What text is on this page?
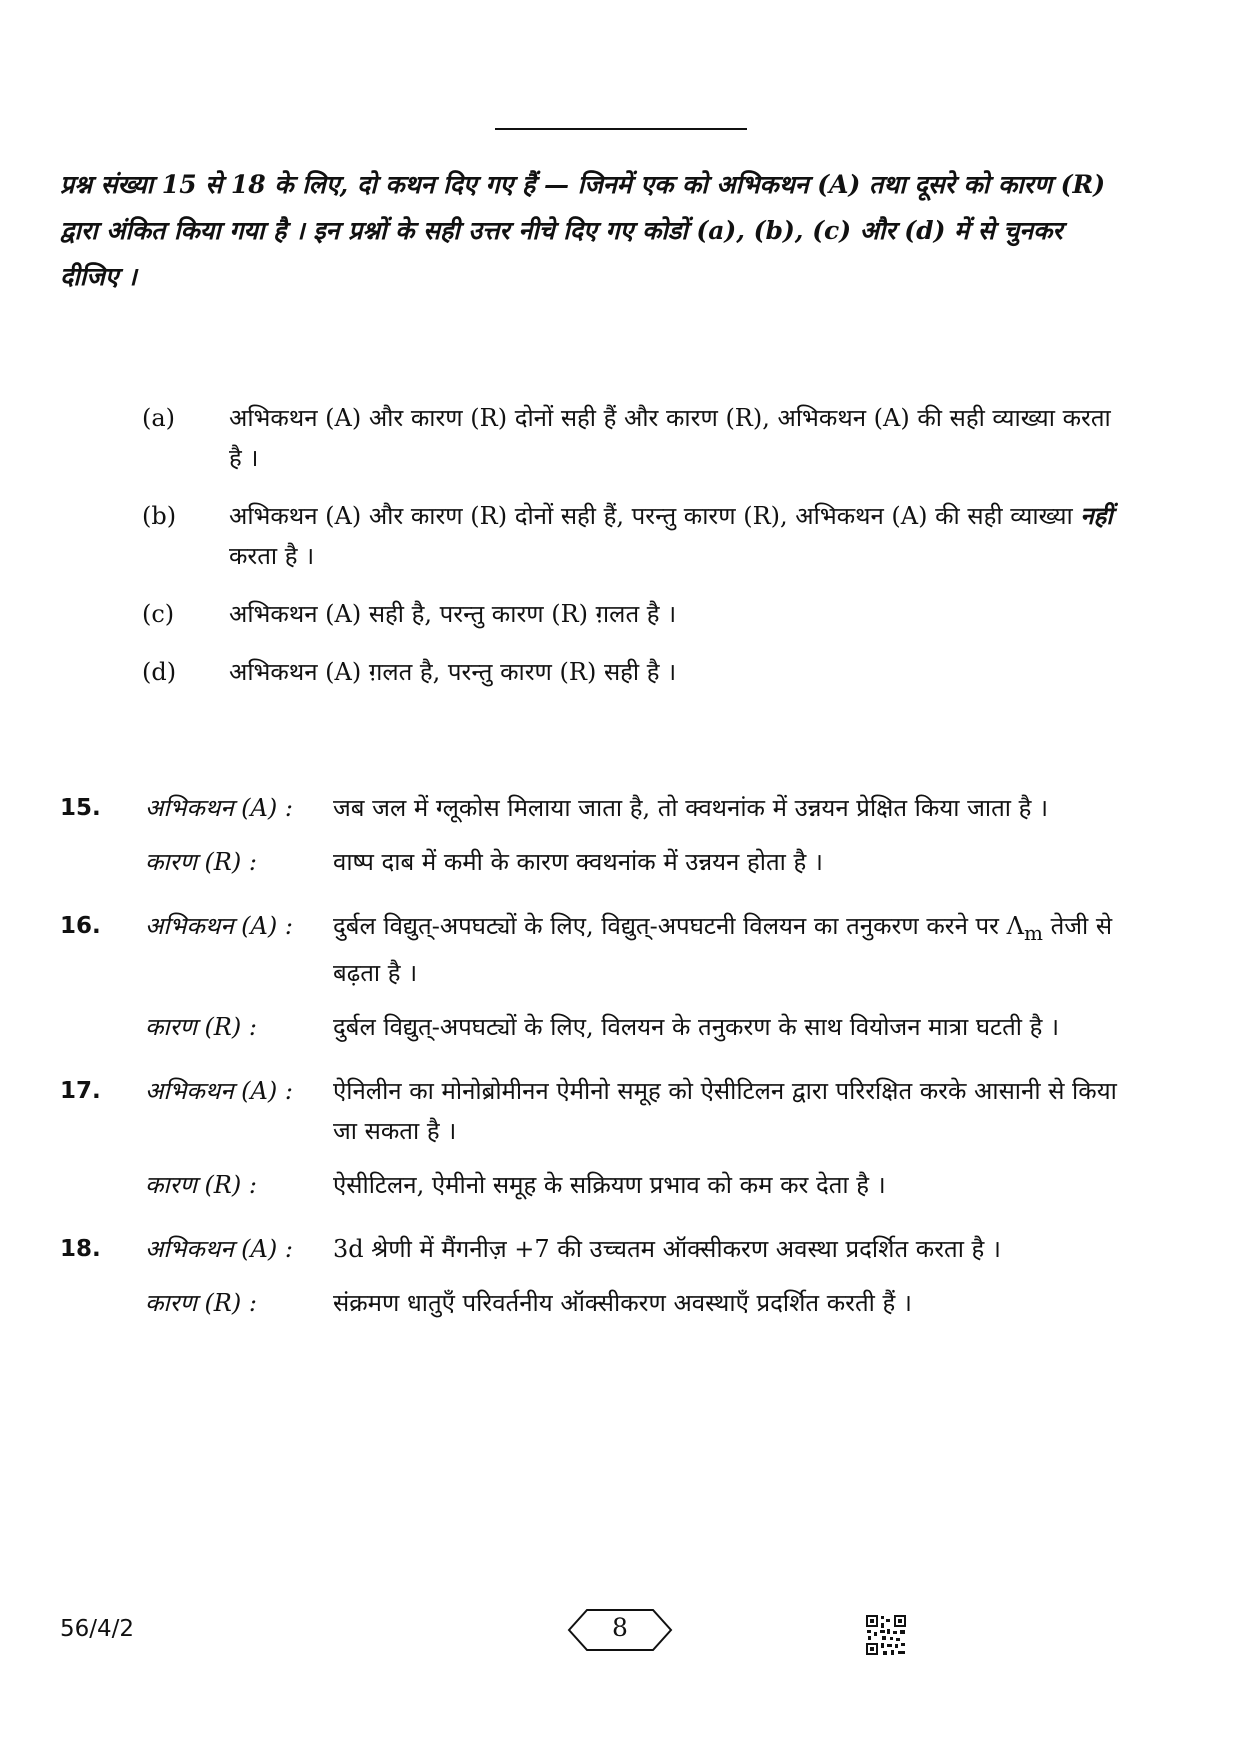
प्रश्न संख्या 15 से 18 के लिए, दो कथन दिए गए हैं — जिनमें एक को अभिकथन (A) तथा दूसरे को कारण (R) द्वारा अंकित किया गया है । इन प्रश्नों के सही उत्तर नीचे दिए गए कोडों (a), (b), (c) और (d) में से चुनकर दीजिए ।
(a)	अभिकथन (A) और कारण (R) दोनों सही हैं और कारण (R), अभिकथन (A) की सही व्याख्या करता है ।
(b)	अभिकथन (A) और कारण (R) दोनों सही हैं, परन्तु कारण (R), अभिकथन (A) की सही व्याख्या नहीं करता है ।
(c)	अभिकथन (A) सही है, परन्तु कारण (R) ग़लत है ।
(d)	अभिकथन (A) ग़लत है, परन्तु कारण (R) सही है ।
15.	अभिकथन (A) :	जब जल में ग्लूकोस मिलाया जाता है, तो क्वथनांक में उन्नयन प्रेक्षित किया जाता है ।
कारण (R) :	वाष्प दाब में कमी के कारण क्वथनांक में उन्नयन होता है ।
16.	अभिकथन (A) :	दुर्बल विद्युत्-अपघट्यों के लिए, विद्युत्-अपघटनी विलयन का तनुकरण करने पर $\Lambda_m$ तेजी से बढ़ता है ।
कारण (R) :	दुर्बल विद्युत्-अपघट्यों के लिए, विलयन के तनुकरण के साथ वियोजन मात्रा घटती है ।
17.	अभिकथन (A) :	ऐनिलीन का मोनोब्रोमीनन ऐमीनो समूह को ऐसीटिलन द्वारा परिरक्षित करके आसानी से किया जा सकता है ।
कारण (R) :	ऐसीटिलन, ऐमीनो समूह के सक्रियण प्रभाव को कम कर देता है ।
18.	अभिकथन (A) :	3d श्रेणी में मैंगनीज़ +7 की उच्चतम ऑक्सीकरण अवस्था प्रदर्शित करता है ।
कारण (R) :	संक्रमण धातुएँ परिवर्तनीय ऑक्सीकरण अवस्थाएँ प्रदर्शित करती हैं ।
56/4/2	8
